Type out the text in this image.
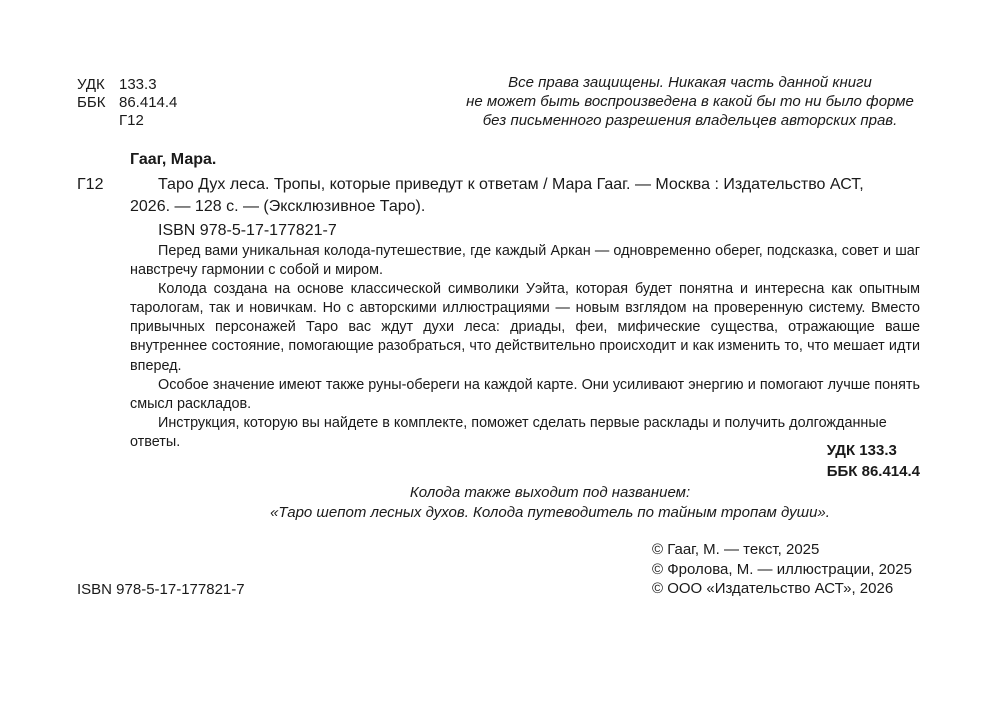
УДК 133.3
ББК 86.414.4
Г12
Все права защищены. Никакая часть данной книги
не может быть воспроизведена в какой бы то ни было форме
без письменного разрешения владельцев авторских прав.
Гааг, Мара.
Г12	Таро Дух леса. Тропы, которые приведут к ответам / Мара Гааг. — Москва : Издательство АСТ,
2026. — 128 с. — (Эксклюзивное Таро).
ISBN 978-5-17-177821-7

Перед вами уникальная колода-путешествие, где каждый Аркан — одновременно оберег, подсказка, совет и шаг навстречу гармонии с собой и миром.

Колода создана на основе классической символики Уэйта, которая будет понятна и интересна как опытным тарологам, так и новичкам. Но с авторскими иллюстрациями — новым взглядом на проверенную систему. Вместо привычных персонажей Таро вас ждут духи леса: дриады, феи, мифические существа, отражающие ваше внутреннее состояние, помогающие разобраться, что действительно происходит и как изменить то, что мешает идти вперед.

Особое значение имеют также руны-обереги на каждой карте. Они усиливают энергию и помогают лучше понять смысл раскладов.

Инструкция, которую вы найдете в комплекте, поможет сделать первые расклады и получить долгожданные ответы.

УДК 133.3
ББК 86.414.4
Колода также выходит под названием:
«Таро шепот лесных духов. Колода путеводитель по тайным тропам души».
ISBN 978-5-17-177821-7
© Гааг, М. — текст, 2025
© Фролова, М. — иллюстрации, 2025
© ООО «Издательство АСТ», 2026
